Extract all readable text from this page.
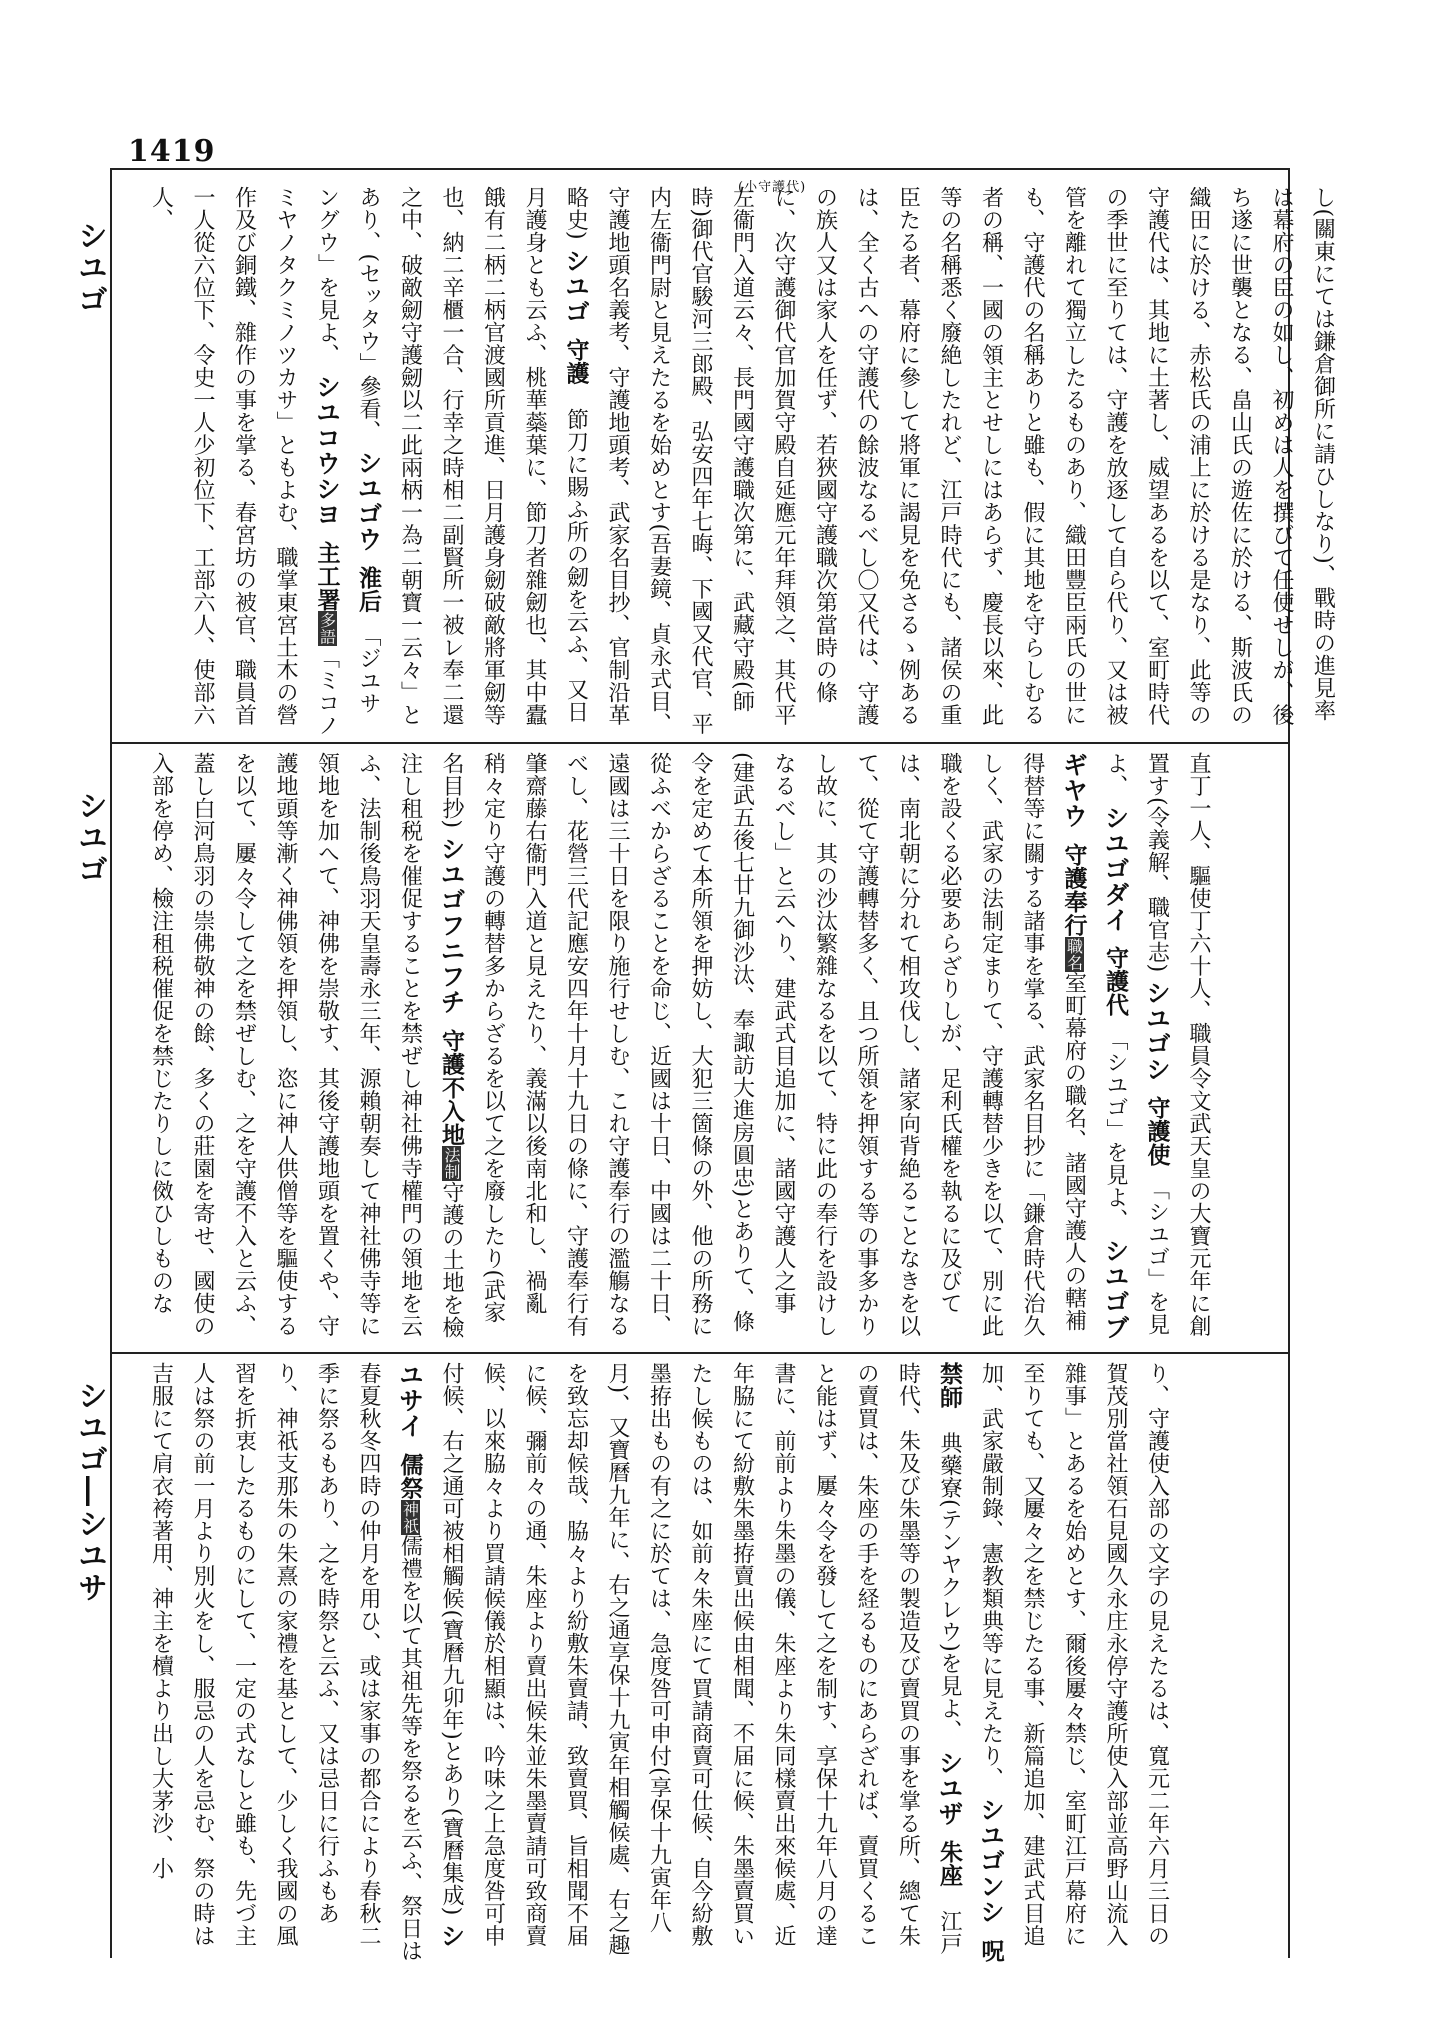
1419
(小守護代)
シユゴ
シユゴ
シユゴ―シユサ
し(關東にては鎌倉御所に請ひしなり)、戰時の進見率は幕府の臣の如し、初めは人を撰びて任使せしが、後ち遂に世襲となる、畠山氏の遊佐に於ける、斯波氏の織田に於ける、赤松氏の浦上に於ける是なり、此等の守護代は、其地に土著し、威望あるを以て、室町時代の季世に至りては、守護を放逐して自ら代り、又は被管を離れて獨立したるものあり、織田豐臣兩氏の世にも、守護代の名稱ありと雖も、假に其地を守らしむる者の稱、一國の領主とせしにはあらず、慶長以來、此等の名稱悉く廢絶したれど、江戸時代にも、諸侯の重臣たる者、幕府に參して將軍に謁見を免さるゝ例あるは、全く古への守護代の餘波なるべし〇又代は、守護の族人又は家人を任ず、若狹國守護職次第當時の條に、次守護御代官加賀守殿自延應元年拜領之、其代平左衞門入道云々、長門國守護職次第に、武藏守殿(師時)御代官駿河三郎殿、弘安四年七晦、下國又代官、平内左衞門尉と見えたるを始めとす(吾妻鏡、貞永式目、守護地頭名義考、守護地頭考、武家名目抄、官制沿革略史) シユゴ守護　節刀に賜ふ所の劒を云ふ、又日月護身とも云ふ、桃華蘂葉に、節刀者雜劒也、其中蠹餓有二柄二柄官渡國所貢進、日月護身劒破敵將軍劒等也、納二辛櫃一合、行幸之時相二副賢所一被レ奉二還之中、破敵劒守護劒以二此兩柄一為二朝寶一云々」とあり、(セッタウ」參看、 シユゴウ淮后　「ジユサングウ」を見よ、 シユコウシヨ主工署多語「ミコノミヤノタクミノツカサ」ともよむ、職掌東宮土木の營作及び銅鐵、雜作の事を掌る、春宮坊の被官、職員首一人從六位下、令史一人少初位下、工部六人、使部六人、
直丁一人、驅使丁六十人、職員令文武天皇の大寶元年に創置す(令義解、職官志) シユゴシ守護使　「シユゴ」を見よ、 シユゴダイ守護代　「シユゴ」を見よ、 シユゴブギヤウ守護奉行職名室町幕府の職名、諸國守護人の轄補得替等に關する諸事を掌る、武家名目抄に「鎌倉時代治久しく、武家の法制定まりて、守護轉替少きを以て、別に此職を設くる必要あらざりしが、足利氏權を執るに及びては、南北朝に分れて相攻伐し、諸家向背絶ることなきを以て、從て守護轉替多く、且つ所領を押領する等の事多かりし故に、其の沙汰繁雜なるを以て、特に此の奉行を設けしなるべし」と云へり、建武式目追加に、諸國守護人之事(建武五後七廿九御沙汰、奉諏訪大進房圓忠)とありて、條令を定めて本所領を押妨し、大犯三箇條の外、他の所務に從ふべからざることを命じ、近國は十日、中國は二十日、遠國は三十日を限り施行せしむ、これ守護奉行の濫觴なるべし、花營三代記應安四年十月十九日の條に、守護奉行有肇齋藤右衞門入道と見えたり、義滿以後南北和し、禍亂稍々定り守護の轉替多からざるを以て之を廢したり(武家名目抄) シユゴフニフチ守護不入地法制守護の土地を檢注し租税を催促することを禁ぜし神社佛寺權門の領地を云ふ、法制後鳥羽天皇壽永三年、源賴朝奏して神社佛寺等に領地を加へて、神佛を崇敬す、其後守護地頭を置くや、守護地頭等漸く神佛領を押領し、恣に神人供僧等を驅使するを以て、屢々令して之を禁ぜしむ、之を守護不入と云ふ、蓋し白河鳥羽の崇佛敬神の餘、多くの莊園を寄せ、國使の入部を停め、檢注租税催促を禁じたりしに傚ひしものな
り、守護使入部の文字の見えたるは、寬元二年六月三日の賀茂別當社領石見國久永庄永停守護所使入部並高野山流入雜事」とあるを始めとす、爾後屢々禁じ、室町江戸幕府に至りても、又屢々之を禁じたる事、新篇追加、建武式目追加、武家嚴制錄、憲教類典等に見えたり、 シユゴンシ呪禁師　典藥寮(テンヤクレウ)を見よ、 シユザ朱座　江戸時代、朱及び朱墨等の製造及び賣買の事を掌る所、總て朱の賣買は、朱座の手を経るものにあらざれば、賣買くること能はず、屢々令を發して之を制す、享保十九年八月の達書に、前前より朱墨の儀、朱座より朱同樣賣出來候處、近年脇にて紛敷朱墨拵賣出候由相聞、不届に候、朱墨賣買いたし候ものは、如前々朱座にて買請商賣可仕候、自今紛敷墨拵出もの有之に於ては、急度咎可申付(享保十九寅年八月)、又寶曆九年に、右之通享保十九寅年相觸候處、右之趣を致忘却候哉、脇々より紛敷朱賣請、致賣買、旨相聞不届に候、彌前々の通、朱座より賣出候朱並朱墨賣請可致商賣候、以來脇々より買請候儀於相顯は、吟味之上急度咎可申付候、右之通可被相觸候(寶曆九卯年)とあり(寶曆集成) シユサイ儒祭神祇儒禮を以て其祖先等を祭るを云ふ、祭日は春夏秋冬四時の仲月を用ひ、或は家事の都合により春秋二季に祭るもあり、之を時祭と云ふ、又は忌日に行ふもあり、神祇支那朱の朱熹の家禮を基として、少しく我國の風習を折衷したるものにして、一定の式なしと雖も、先づ主人は祭の前一月より別火をし、服忌の人を忌む、祭の時は吉服にて肩衣袴著用、神主を櫝より出し大茅沙、小
